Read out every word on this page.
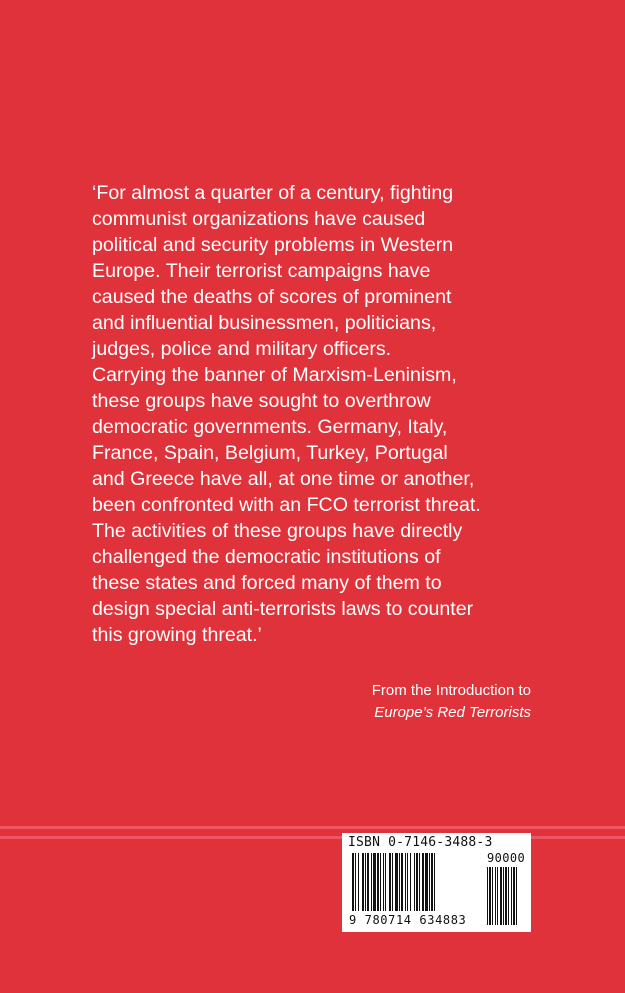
‘For almost a quarter of a century, fighting
communist organizations have caused
political and security problems in Western
Europe. Their terrorist campaigns have
caused the deaths of scores of prominent
and influential businessmen, politicians,
judges, police and military officers.
Carrying the banner of Marxism-Leninism,
these groups have sought to overthrow
democratic governments. Germany, Italy,
France, Spain, Belgium, Turkey, Portugal
and Greece have all, at one time or another,
been confronted with an FCO terrorist threat.
The activities of these groups have directly
challenged the democratic institutions of
these states and forced many of them to
design special anti-terrorists laws to counter
this growing threat.’
From the Introduction to
Europe’s Red Terrorists
ISBN 0-7146-3488-3
90000
9 780714 634883
